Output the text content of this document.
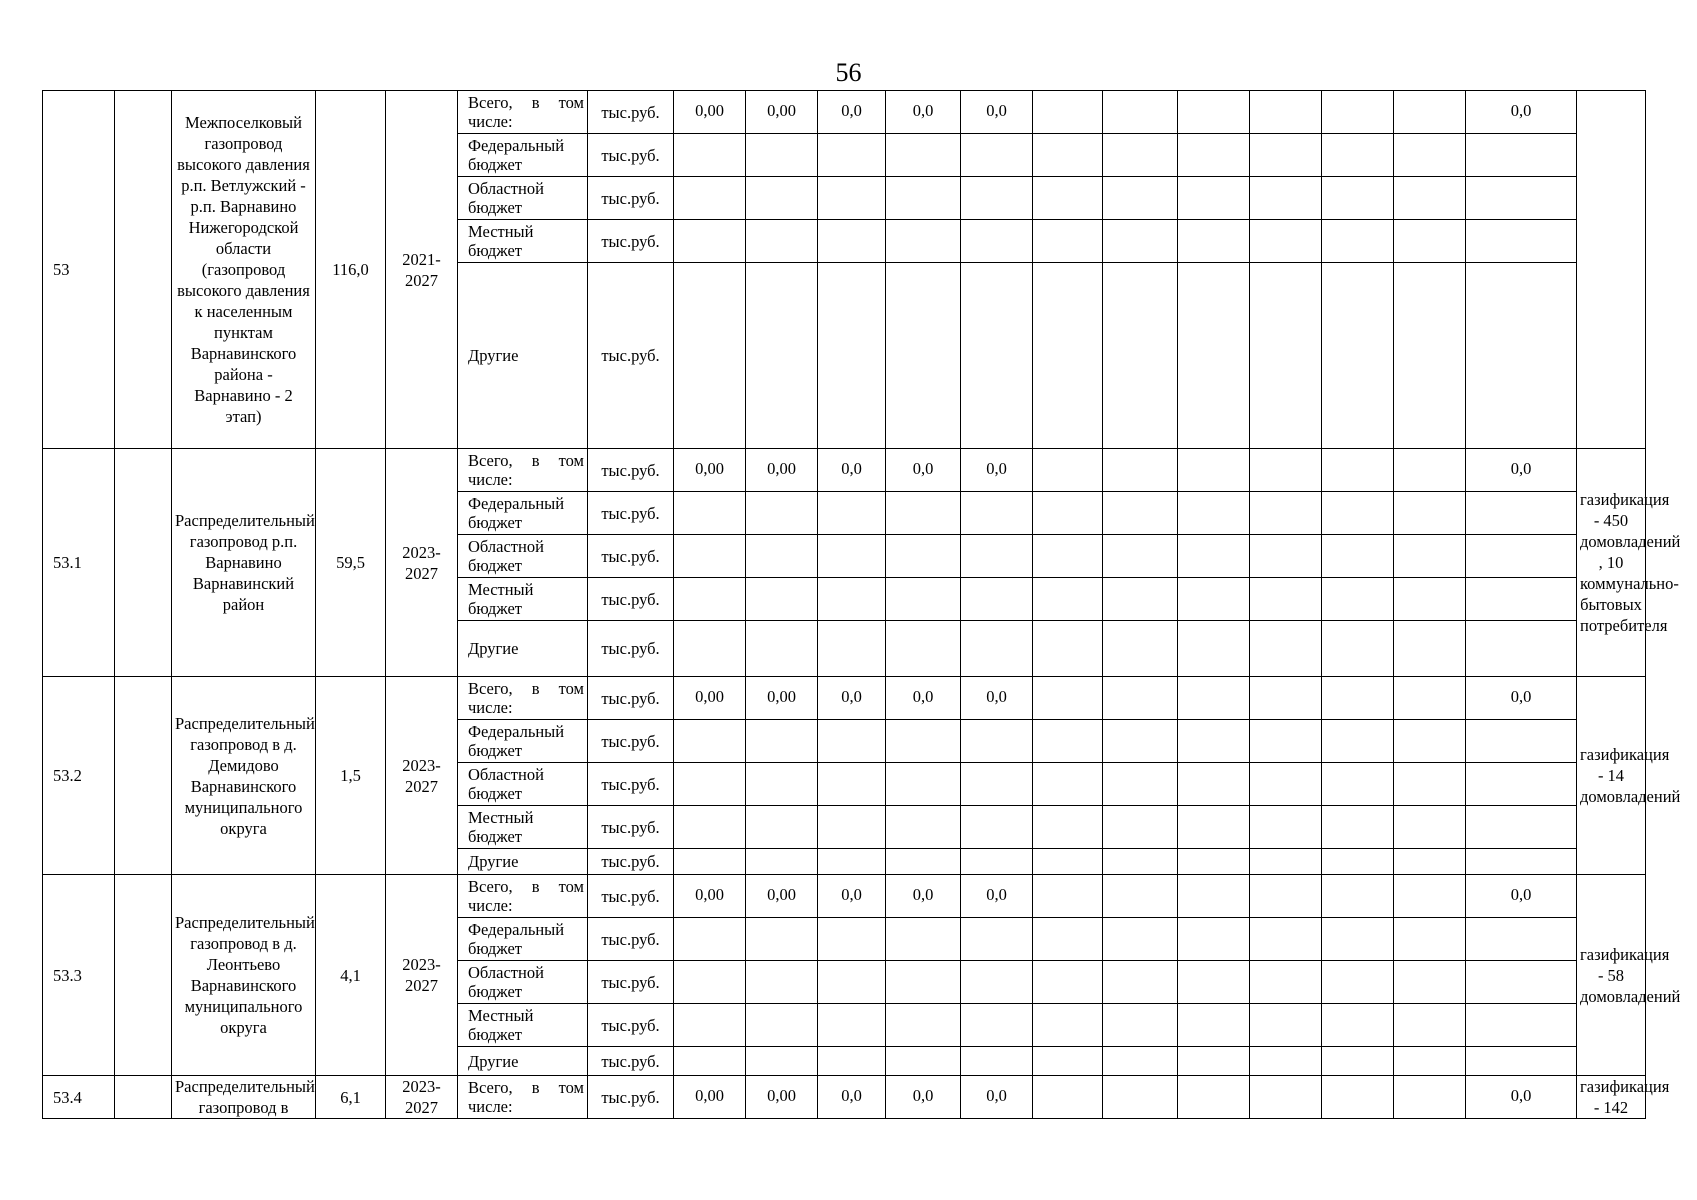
56
53		Межпоселковый газопровод высокого давления р.п. Ветлужский - р.п. Варнавино Нижегородской области (газопровод высокого давления к населенным пунктам Варнавинского района - Варнавино - 2 этап)	116,0	2021-2027	Всего, в том числе:	тыс.руб.	0,00	0,00	0,0	0,0	0,0							0,0	
					Федеральный бюджет	тыс.руб.													
					Областной бюджет	тыс.руб.													
					Местный бюджет	тыс.руб.													
					Другие	тыс.руб.													
53.1		Распределительный газопровод р.п. Варнавино Варнавинский район	59,5	2023-2027	Всего, в том числе:	тыс.руб.	0,00	0,00	0,0	0,0	0,0							0,0	газификация - 450 домовладений , 10 коммунально-бытовых потребителя
					Федеральный бюджет	тыс.руб.													
					Областной бюджет	тыс.руб.													
					Местный бюджет	тыс.руб.													
					Другие	тыс.руб.													
53.2		Распределительный газопровод в д. Демидово Варнавинского муниципального округа	1,5	2023-2027	Всего, в том числе:	тыс.руб.	0,00	0,00	0,0	0,0	0,0							0,0	газификация - 14 домовладений
					Федеральный бюджет	тыс.руб.													
					Областной бюджет	тыс.руб.													
					Местный бюджет	тыс.руб.													
					Другие	тыс.руб.													
53.3		Распределительный газопровод в д. Леонтьево Варнавинского муниципального округа	4,1	2023-2027	Всего, в том числе:	тыс.руб.	0,00	0,00	0,0	0,0	0,0							0,0	газификация - 58 домовладений
					Федеральный бюджет	тыс.руб.													
					Областной бюджет	тыс.руб.													
					Местный бюджет	тыс.руб.													
					Другие	тыс.руб.													
53.4		Распределительный газопровод в	6,1	2023-2027	Всего, в том числе:	тыс.руб.	0,00	0,00	0,0	0,0	0,0							0,0	газификация - 142
